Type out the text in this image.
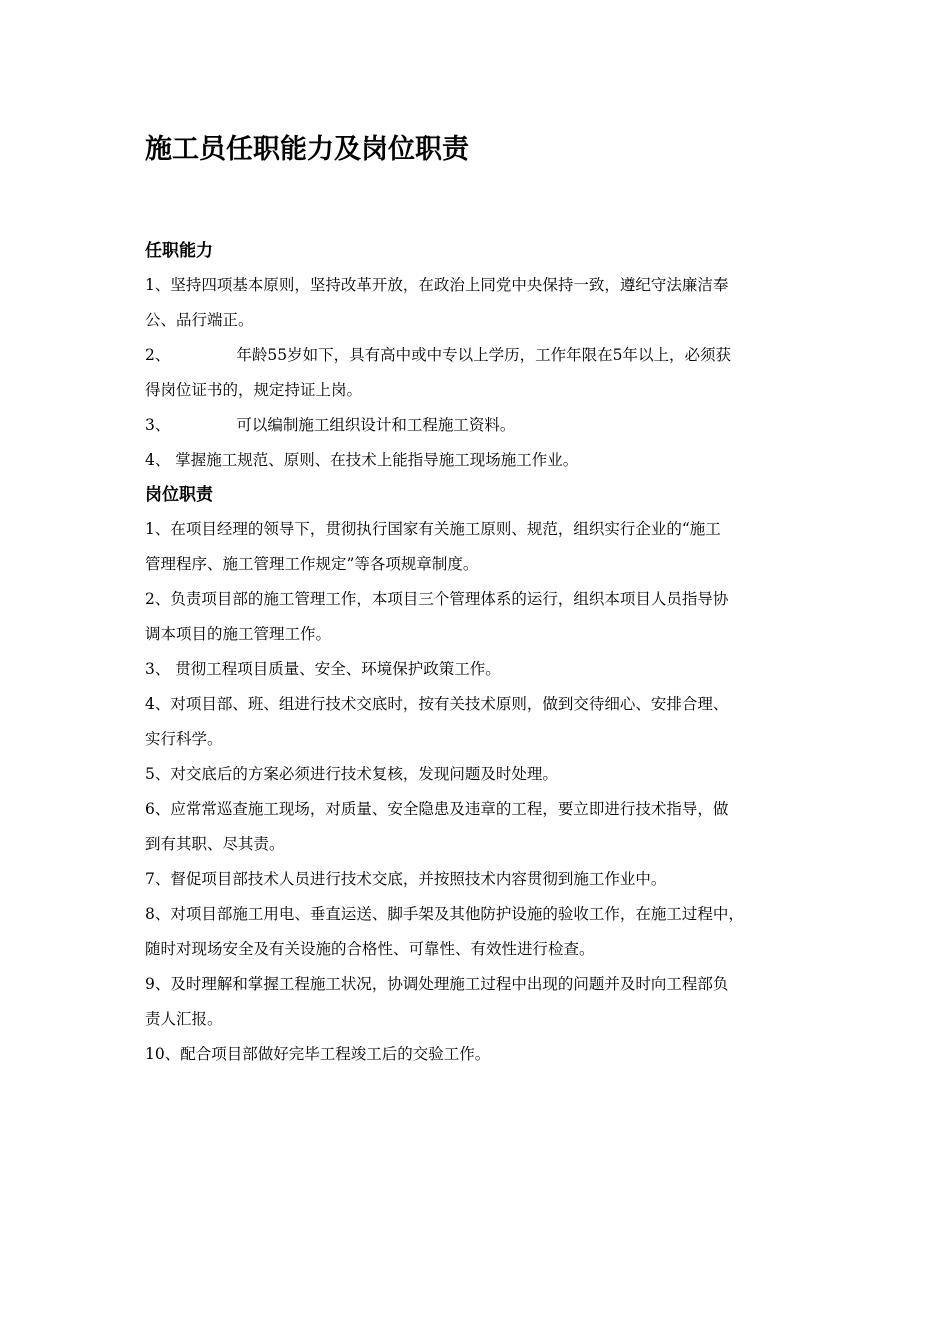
施工员任职能力及岗位职责
任职能力

1、坚持四项基本原则，坚持改革开放，在政治上同党中央保持一致，遵纪守法廉洁奉

公、品行端正。

2、	年龄55岁如下，具有高中或中专以上学历，工作年限在5年以上，必须获

得岗位证书的，规定持证上岗。

3、	可以编制施工组织设计和工程施工资料。

4、 掌握施工规范、原则、在技术上能指导施工现场施工作业。

岗位职责

1、在项目经理的领导下，贯彻执行国家有关施工原则、规范，组织实行企业的“施工

管理程序、施工管理工作规定”等各项规章制度。

2、负责项目部的施工管理工作，本项目三个管理体系的运行，组织本项目人员指导协

调本项目的施工管理工作。

3、 贯彻工程项目质量、安全、环境保护政策工作。

4、对项目部、班、组进行技术交底时，按有关技术原则，做到交待细心、安排合理、

实行科学。

5、对交底后的方案必须进行技术复核，发现问题及时处理。

6、应常常巡查施工现场，对质量、安全隐患及违章的工程，要立即进行技术指导，做

到有其职、尽其责。

7、督促项目部技术人员进行技术交底，并按照技术内容贯彻到施工作业中。

8、对项目部施工用电、垂直运送、脚手架及其他防护设施的验收工作，在施工过程中，

随时对现场安全及有关设施的合格性、可靠性、有效性进行检查。

9、及时理解和掌握工程施工状况，协调处理施工过程中出现的问题并及时向工程部负

责人汇报。

10、配合项目部做好完毕工程竣工后的交验工作。
